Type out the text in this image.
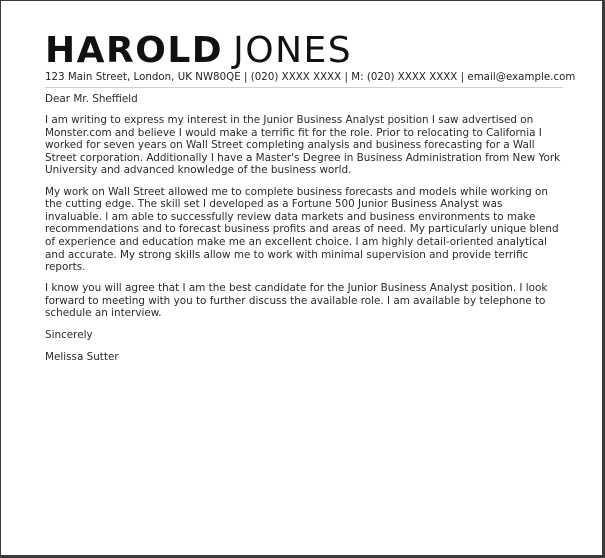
HAROLD JONES
123 Main Street, London, UK NW80QE | (020) XXXX XXXX | M: (020) XXXX XXXX | email@example.com

Dear Mr. Sheffield

I am writing to express my interest in the Junior Business Analyst position I saw advertised on Monster.com and believe I would make a terrific fit for the role. Prior to relocating to California I worked for seven years on Wall Street completing analysis and business forecasting for a Wall Street corporation. Additionally I have a Master's Degree in Business Administration from New York University and advanced knowledge of the business world.

My work on Wall Street allowed me to complete business forecasts and models while working on the cutting edge. The skill set I developed as a Fortune 500 Junior Business Analyst was invaluable. I am able to successfully review data markets and business environments to make recommendations and to forecast business profits and areas of need. My particularly unique blend of experience and education make me an excellent choice. I am highly detail-oriented analytical and accurate. My strong skills allow me to work with minimal supervision and provide terrific reports.

I know you will agree that I am the best candidate for the Junior Business Analyst position. I look forward to meeting with you to further discuss the available role. I am available by telephone to schedule an interview.

Sincerely

Melissa Sutter
